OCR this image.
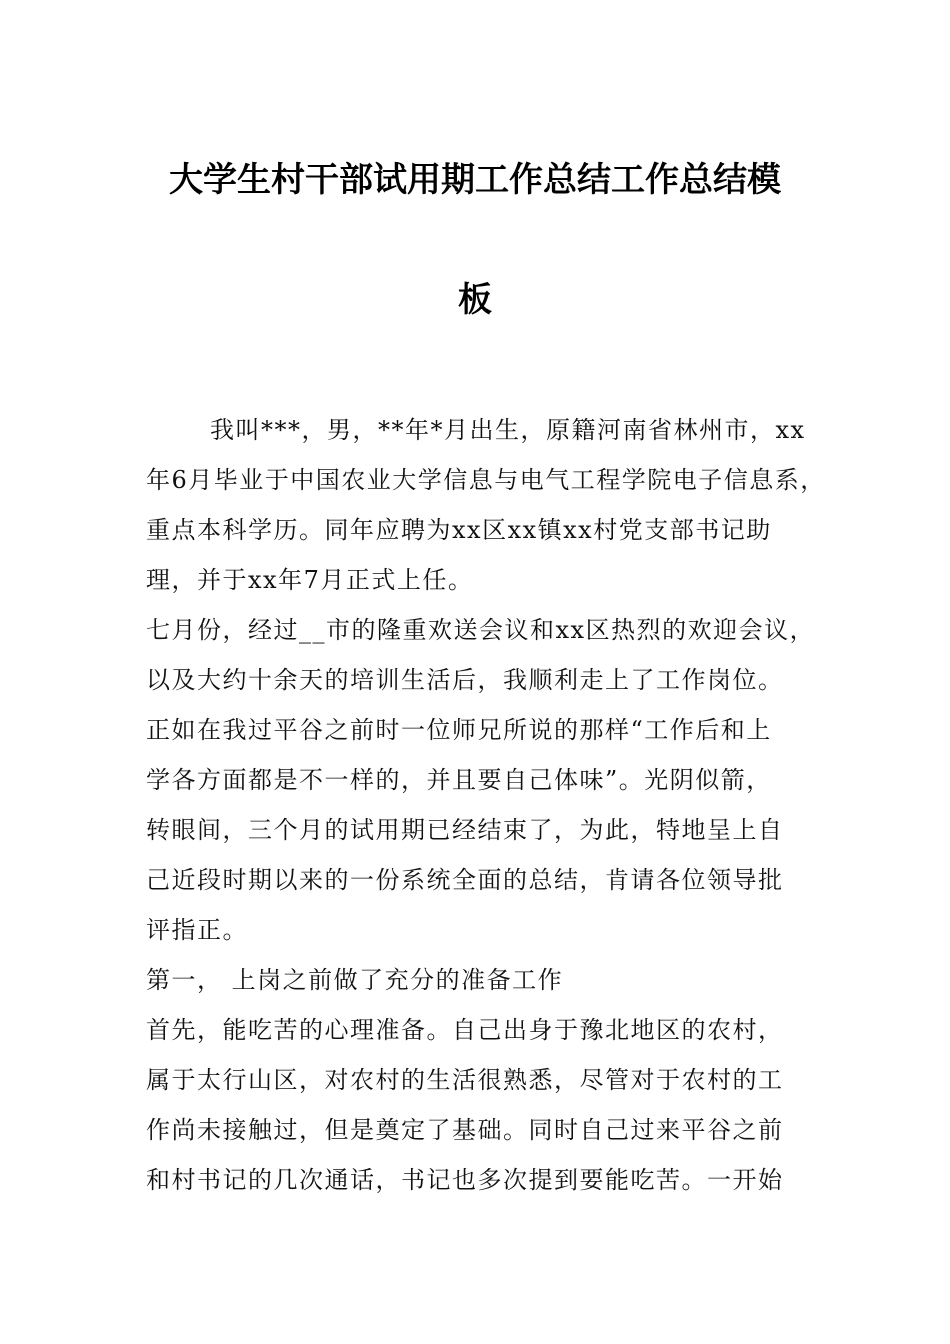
大学生村干部试用期工作总结工作总结模
板
我叫***，男，**年*月出生，原籍河南省林州市，xx
年6月毕业于中国农业大学信息与电气工程学院电子信息系，
重点本科学历。同年应聘为xx区xx镇xx村党支部书记助
理，并于xx年7月正式上任。
七月份，经过__市的隆重欢送会议和xx区热烈的欢迎会议，
以及大约十余天的培训生活后，我顺利走上了工作岗位。
正如在我过平谷之前时一位师兄所说的那样“工作后和上
学各方面都是不一样的，并且要自己体味”。光阴似箭，
转眼间，三个月的试用期已经结束了，为此，特地呈上自
己近段时期以来的一份系统全面的总结，肯请各位领导批
评指正。
第一， 上岗之前做了充分的准备工作
首先，能吃苦的心理准备。自己出身于豫北地区的农村，
属于太行山区，对农村的生活很熟悉，尽管对于农村的工
作尚未接触过，但是奠定了基础。同时自己过来平谷之前
和村书记的几次通话，书记也多次提到要能吃苦。一开始
